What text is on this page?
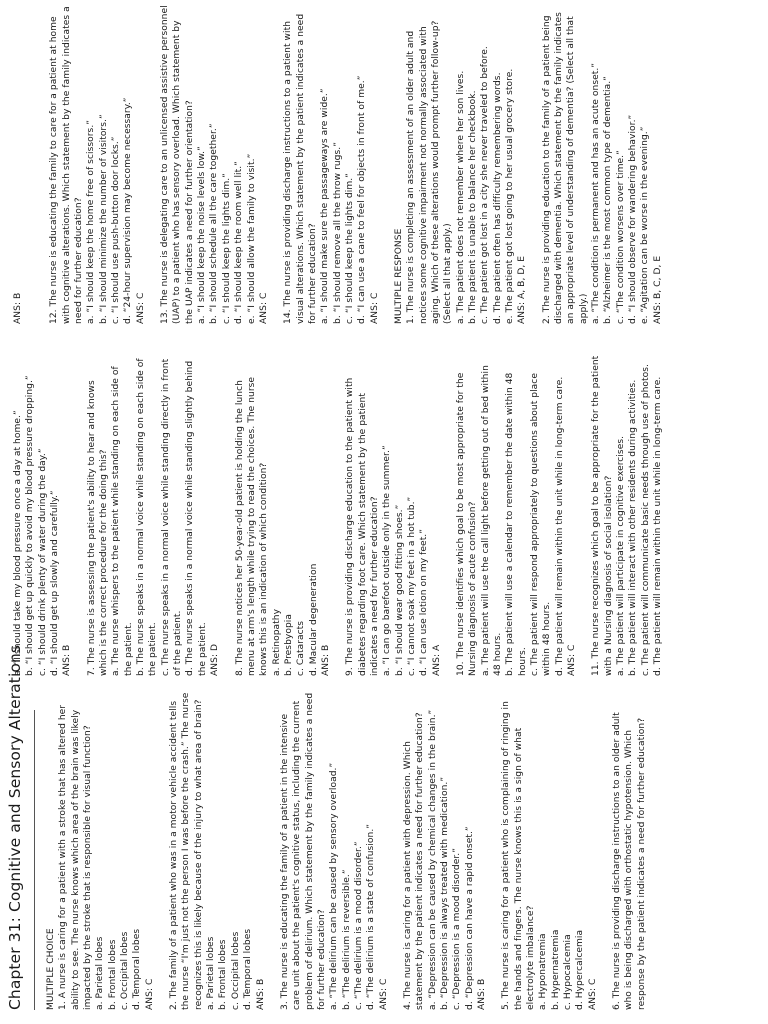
Chapter 31: Cognitive and Sensory Alterations MULTIPLE CHOICE 1. A nurse is caring for a patient with a stroke that has altered her ability to see. The nurse knows which area of the brain was likely impacted by the stroke that is responsible for visual function? a. Parietal lobes b. Frontal lobes c. Occipital lobes d. Temporal lobes ANS: C 2. The family of a patient who was in a motor vehicle accident tells the nurse “I'm just not the person I was before the crash.” The nurse recognizes this is likely because of the injury to what area of brain? a. Parietal lobes b. Frontal lobes c. Occipital lobes d. Temporal lobes ANS: B 3. The nurse is educating the family of a patient in the intensive care unit about the patient's cognitive status, including the current problem of delirium. Which statement by the family indicates a need for further education? a. “The delirium can be caused by sensory overload.” b. “The delirium is reversible.” c. “The delirium is a mood disorder.” d. “The delirium is a state of confusion.” ANS: C 4. The nurse is caring for a patient with depression. Which statement by the patient indicates a need for further education? a. “Depression can be caused by chemical changes in the brain.” b. “Depression is always treated with medication.” c. “Depression is a mood disorder.” d. “Depression can have a rapid onset.” ANS: B 5. The nurse is caring for a patient who is complaining of ringing in the hands and fingers. The nurse knows this is a sign of what electrolyte imbalance? a. Hyponatremia b. Hypernatremia c. Hypocalcemia d. Hypercalcemia ANS: C 6. The nurse is providing discharge instructions to an older adult who is being discharged with orthostatic hypotension. Which response by the patient indicates a need for further education?
a. “I should take my blood pressure once a day at home.” b. “I should get up quickly to avoid my blood pressure dropping.” c. “I should drink plenty of water during the day.” d. “I should get up slowly and carefully.” ANS: B 7. The nurse is assessing the patient's ability to hear and knows which is the correct procedure for the doing this? a. The nurse whispers to the patient while standing on each side of the patient. b. The nurse speaks in a normal voice while standing on each side of the patient. c. The nurse speaks in a normal voice while standing directly in front of the patient. d. The nurse speaks in a normal voice while standing slightly behind the patient. ANS: D 8. The nurse notices her 50-year-old patient is holding the lunch menu at arm's length while trying to read the choices. The nurse knows this is an indication of which condition? a. Retinopathy b. Presbyopia c. Cataracts d. Macular degeneration ANS: B 9. The nurse is providing discharge education to the patient with diabetes regarding foot care. Which statement by the patient indicates a need for further education? a. “I can go barefoot outside only in the summer.” b. “I should wear good fitting shoes.” c. “I cannot soak my feet in a hot tub.” d. “I can use lotion on my feet.” ANS: A 10. The nurse identifies which goal to be most appropriate for the Nursing diagnosis of acute confusion? a. The patient will use the call light before getting out of bed within 48 hours. b. The patient will use a calendar to remember the date within 48 hours. c. The patient will respond appropriately to questions about place within 48 hours. d. The patient will remain within the unit while in long-term care. ANS: C 11. The nurse recognizes which goal to be appropriate for the patient with a Nursing diagnosis of social isolation? a. The patient will participate in cognitive exercises. b. The patient will interact with other residents during activities. c. The patient will communicate basic needs through use of photos. d. The patient will remain within the unit while in long-term care.
ANS: B	12. The nurse is educating the family to care for a patient at home with cognitive alterations. Which statement by the family indicates a need for further education? a. “I should keep the home free of scissors.” b. “I should minimize the number of visitors.” c. “I should use push-button door locks.” d. “24-hour supervision may become necessary.” ANS: C 13. The nurse is delegating care to an unlicensed assistive personnel (UAP) to a patient who has sensory overload. Which statement by the UAP indicates a need for further orientation? a. “I should keep the noise levels low.” b. “I should schedule all the care together.” c. “I should keep the lights dim.” d. “I should keep the room well lit.” e. “I should allow the family to visit.” ANS: C 14. The nurse is providing discharge instructions to a patient with visual alterations. Which statement by the patient indicates a need for further education? a. “I should make sure the passageways are wide.” b. “I should remove all the throw rugs.” c. “I should keep the lights dim.” d. “I can use a cane to feel for objects in front of me.” ANS: C MULTIPLE RESPONSE 1. The nurse is completing an assessment of an older adult and notices some cognitive impairment not normally associated with aging. Which of these alterations would prompt further follow-up? (Select all that apply.) a. The patient does not remember where her son lives. b. The patient is unable to balance her checkbook. c. The patient got lost in a city she never traveled to before. d. The patient often has difficulty remembering words. e. The patient got lost going to her usual grocery store. ANS: A, B, D, E 2. The nurse is providing education to the family of a patient being discharged with dementia. Which statement by the family indicates an appropriate level of understanding of dementia? (Select all that apply.) a. “The condition is permanent and has an acute onset.” b. “Alzheimer is the most common type of dementia.” c. “The condition worsens over time.” d. “I should observe for wandering behavior.” e. “Agitation can be worse in the evening.” ANS: B, C, D, E
